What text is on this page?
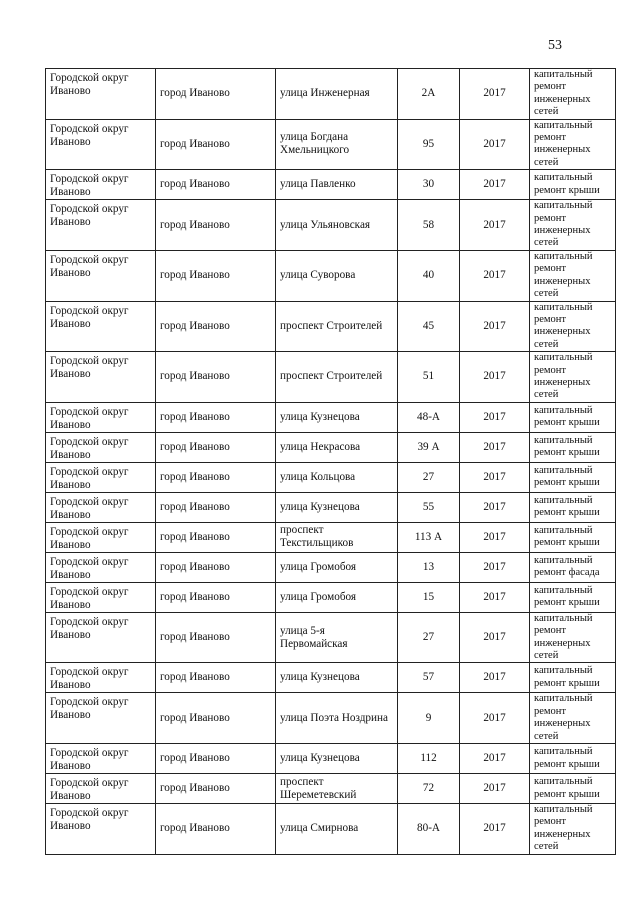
53
Городской округ Иваново	город Иваново	улица Инженерная	2А	2017	капитальный ремонт инженерных сетей
Городской округ Иваново	город Иваново	улица Богдана Хмельницкого	95	2017	капитальный ремонт инженерных сетей
Городской округ Иваново	город Иваново	улица Павленко	30	2017	капитальный ремонт крыши
Городской округ Иваново	город Иваново	улица Ульяновская	58	2017	капитальный ремонт инженерных сетей
Городской округ Иваново	город Иваново	улица Суворова	40	2017	капитальный ремонт инженерных сетей
Городской округ Иваново	город Иваново	проспект Строителей	45	2017	капитальный ремонт инженерных сетей
Городской округ Иваново	город Иваново	проспект Строителей	51	2017	капитальный ремонт инженерных сетей
Городской округ Иваново	город Иваново	улица Кузнецова	48-А	2017	капитальный ремонт крыши
Городской округ Иваново	город Иваново	улица Некрасова	39 А	2017	капитальный ремонт крыши
Городской округ Иваново	город Иваново	улица Кольцова	27	2017	капитальный ремонт крыши
Городской округ Иваново	город Иваново	улица Кузнецова	55	2017	капитальный ремонт крыши
Городской округ Иваново	город Иваново	проспект Текстильщиков	113 А	2017	капитальный ремонт крыши
Городской округ Иваново	город Иваново	улица Громобоя	13	2017	капитальный ремонт фасада
Городской округ Иваново	город Иваново	улица Громобоя	15	2017	капитальный ремонт крыши
Городской округ Иваново	город Иваново	улица 5-я Первомайская	27	2017	капитальный ремонт инженерных сетей
Городской округ Иваново	город Иваново	улица Кузнецова	57	2017	капитальный ремонт крыши
Городской округ Иваново	город Иваново	улица Поэта Ноздрина	9	2017	капитальный ремонт инженерных сетей
Городской округ Иваново	город Иваново	улица Кузнецова	112	2017	капитальный ремонт крыши
Городской округ Иваново	город Иваново	проспект Шереметевский	72	2017	капитальный ремонт крыши
Городской округ Иваново	город Иваново	улица Смирнова	80-А	2017	капитальный ремонт инженерных сетей
